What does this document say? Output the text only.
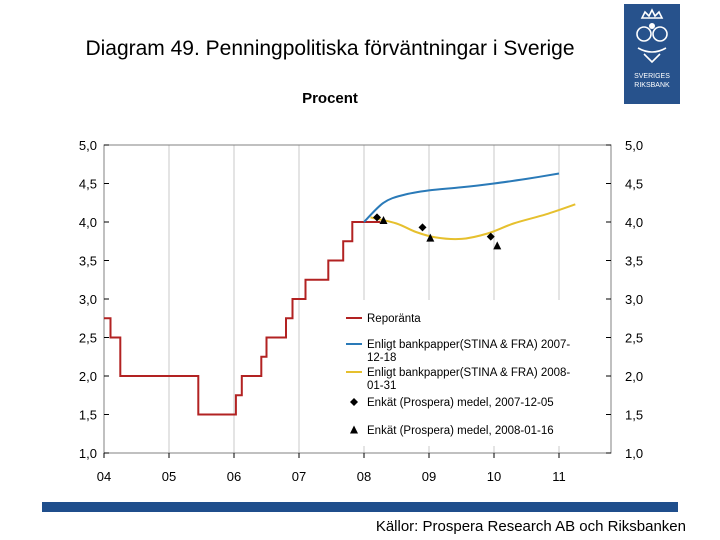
Diagram 49. Penningpolitiska förväntningar i Sverige
Procent
SVERIGES
RIKSBANK
1,0
1,5
2,0
2,5
3,0
3,5
4,0
4,5
5,0
1,0
1,5
2,0
2,5
3,0
3,5
4,0
4,5
5,0
04	05	06	07	08	09	10	11
Reporänta
Enligt bankpapper(STINA & FRA) 2007-
12-18
Enligt bankpapper(STINA & FRA) 2008-
01-31
Enkät (Prospera) medel, 2007-12-05
Enkät (Prospera) medel, 2008-01-16
Källor: Prospera Research AB och Riksbanken
